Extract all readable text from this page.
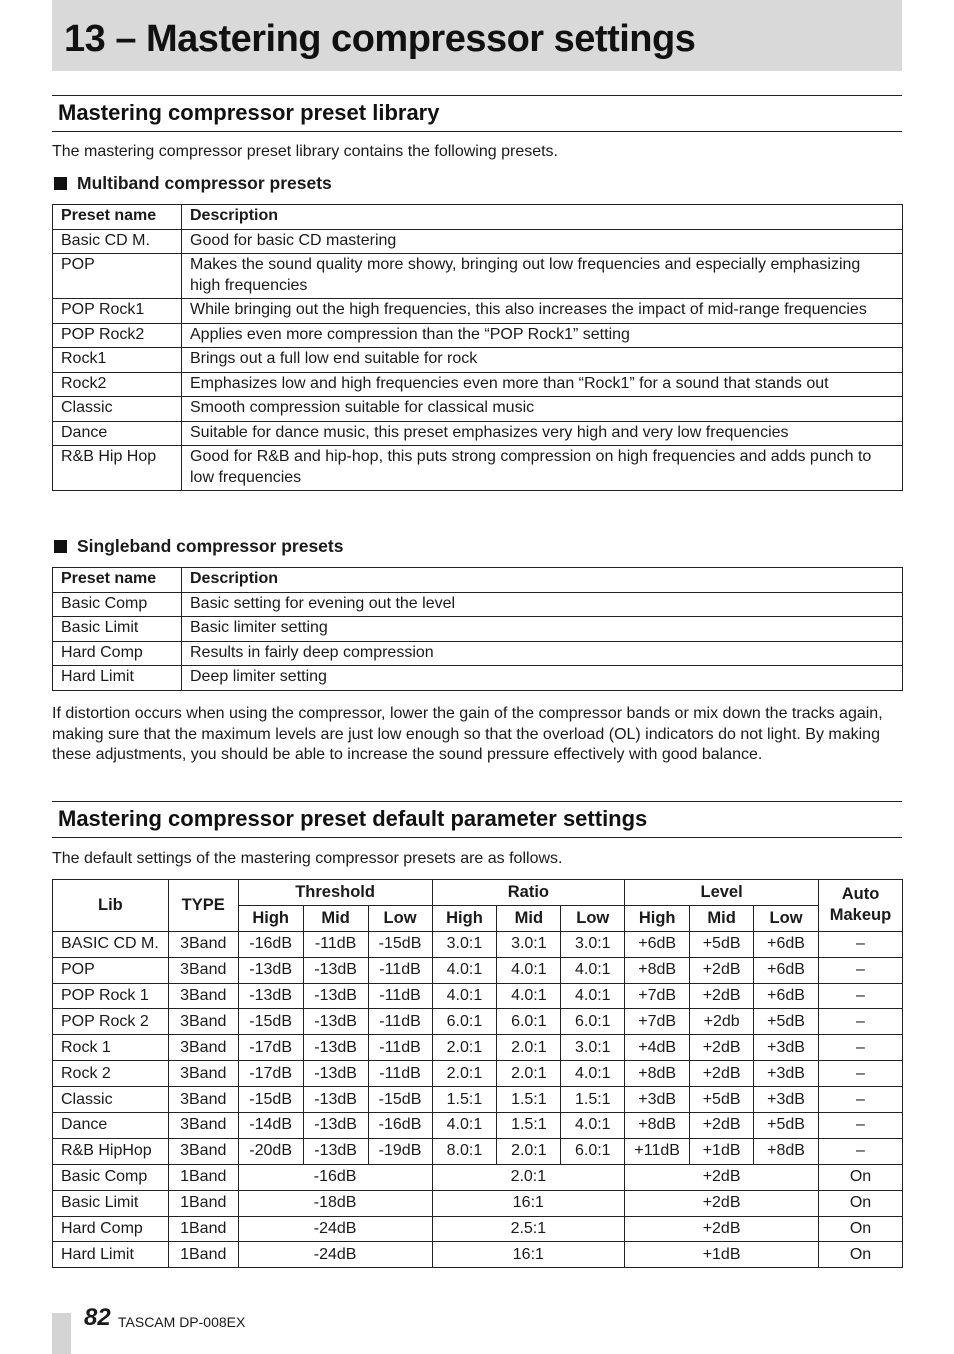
13 – Mastering compressor settings
Mastering compressor preset library

The mastering compressor preset library contains the following presets.

Multiband compressor presets
Preset name	Description
Basic CD M.	Good for basic CD mastering
POP	Makes the sound quality more showy, bringing out low frequencies and especially emphasizing high frequencies
POP Rock1	While bringing out the high frequencies, this also increases the impact of mid-range frequencies
POP Rock2	Applies even more compression than the “POP Rock1” setting
Rock1	Brings out a full low end suitable for rock
Rock2	Emphasizes low and high frequencies even more than “Rock1” for a sound that stands out
Classic	Smooth compression suitable for classical music
Dance	Suitable for dance music, this preset emphasizes very high and very low frequencies
R&B Hip Hop	Good for R&B and hip-hop, this puts strong compression on high frequencies and adds punch to low frequencies
Singleband compressor presets
Preset name	Description
Basic Comp	Basic setting for evening out the level
Basic Limit	Basic limiter setting
Hard Comp	Results in fairly deep compression
Hard Limit	Deep limiter setting

If distortion occurs when using the compressor, lower the gain of the compressor bands or mix down the tracks again, making sure that the maximum levels are just low enough so that the overload (OL) indicators do not light. By making these adjustments, you should be able to increase the sound pressure effectively with good balance.

Mastering compressor preset default parameter settings

The default settings of the mastering compressor presets are as follows.

Lib	TYPE	Threshold			Ratio			Level			Auto Makeup
		High	Mid	Low	High	Mid	Low	High	Mid	Low	
BASIC CD M.	3Band	-16dB	-11dB	-15dB	3.0:1	3.0:1	3.0:1	+6dB	+5dB	+6dB	–
POP	3Band	-13dB	-13dB	-11dB	4.0:1	4.0:1	4.0:1	+8dB	+2dB	+6dB	–
POP Rock 1	3Band	-13dB	-13dB	-11dB	4.0:1	4.0:1	4.0:1	+7dB	+2dB	+6dB	–
POP Rock 2	3Band	-15dB	-13dB	-11dB	6.0:1	6.0:1	6.0:1	+7dB	+2db	+5dB	–
Rock 1	3Band	-17dB	-13dB	-11dB	2.0:1	2.0:1	3.0:1	+4dB	+2dB	+3dB	–
Rock 2	3Band	-17dB	-13dB	-11dB	2.0:1	2.0:1	4.0:1	+8dB	+2dB	+3dB	–
Classic	3Band	-15dB	-13dB	-15dB	1.5:1	1.5:1	1.5:1	+3dB	+5dB	+3dB	–
Dance	3Band	-14dB	-13dB	-16dB	4.0:1	1.5:1	4.0:1	+8dB	+2dB	+5dB	–
R&B HipHop	3Band	-20dB	-13dB	-19dB	8.0:1	2.0:1	6.0:1	+11dB	+1dB	+8dB	–
Basic Comp	1Band	-16dB			2.0:1			+2dB			On
Basic Limit	1Band	-18dB			16:1			+2dB			On
Hard Comp	1Band	-24dB			2.5:1			+2dB			On
Hard Limit	1Band	-24dB			16:1			+1dB			On
82 TASCAM DP-008EX
